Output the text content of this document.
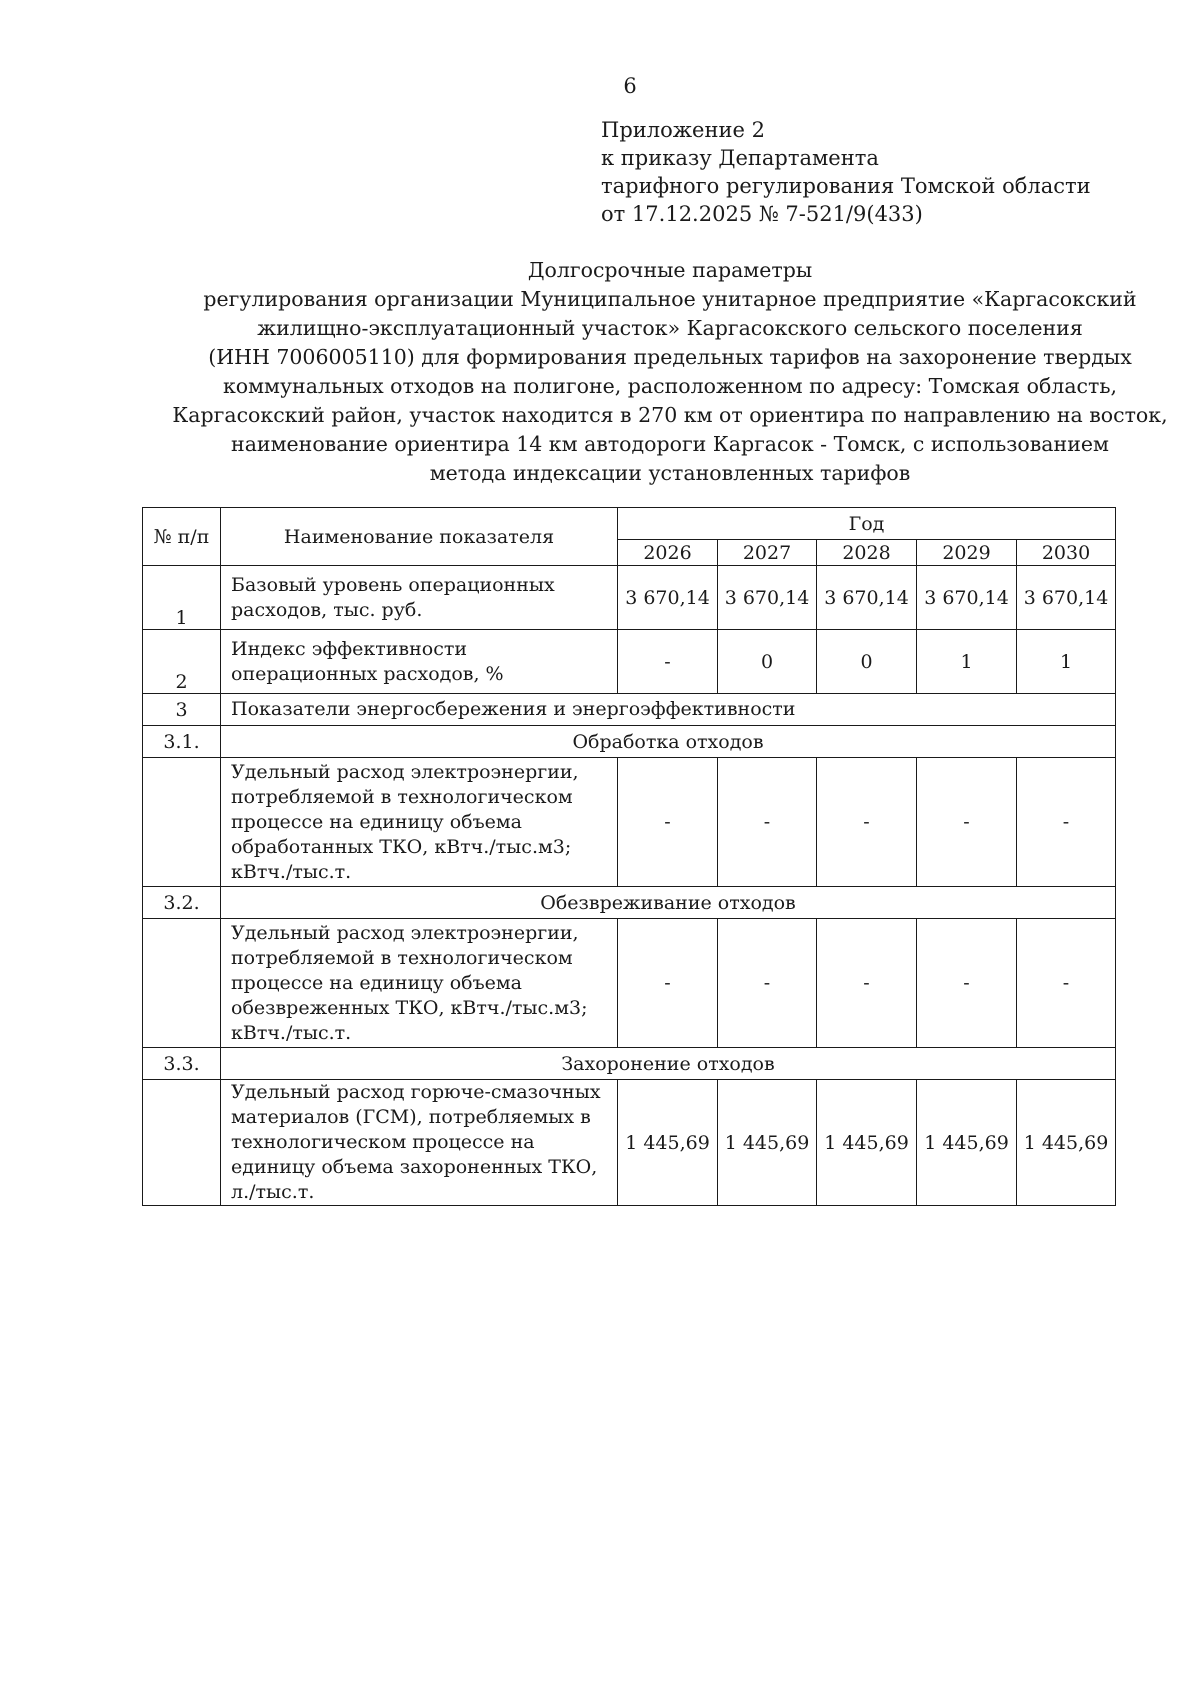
6
Приложение 2
к приказу Департамента
тарифного регулирования Томской области
от 17.12.2025 № 7-521/9(433)
Долгосрочные параметры
регулирования организации Муниципальное унитарное предприятие «Каргасокский
жилищно-эксплуатационный участок» Каргасокского сельского поселения
(ИНН 7006005110) для формирования предельных тарифов на захоронение твердых
коммунальных отходов на полигоне, расположенном по адресу: Томская область,
Каргасокский район, участок находится в 270 км от ориентира по направлению на восток,
наименование ориентира 14 км автодороги Каргасок - Томск, с использованием
метода индексации установленных тарифов
№ п/п	Наименование показателя	Год				
		2026	2027	2028	2029	2030
1	Базовый уровень операционных расходов, тыс. руб.	3 670,14	3 670,14	3 670,14	3 670,14	3 670,14
2	Индекс эффективности операционных расходов, %	-	0	0	1	1
3	Показатели энергосбережения и энергоэффективности					
3.1.	Обработка отходов					
	Удельный расход электроэнергии, потребляемой в технологическом процессе на единицу объема обработанных ТКО, кВтч./тыс.м3; кВтч./тыс.т.	-	-	-	-	-
3.2.	Обезвреживание отходов					
	Удельный расход электроэнергии, потребляемой в технологическом процессе на единицу объема обезвреженных ТКО, кВтч./тыс.м3; кВтч./тыс.т.	-	-	-	-	-
3.3.	Захоронение отходов					
	Удельный расход горюче-смазочных материалов (ГСМ), потребляемых в технологическом процессе на единицу объема захороненных ТКО, л./тыс.т.	1 445,69	1 445,69	1 445,69	1 445,69	1 445,69
